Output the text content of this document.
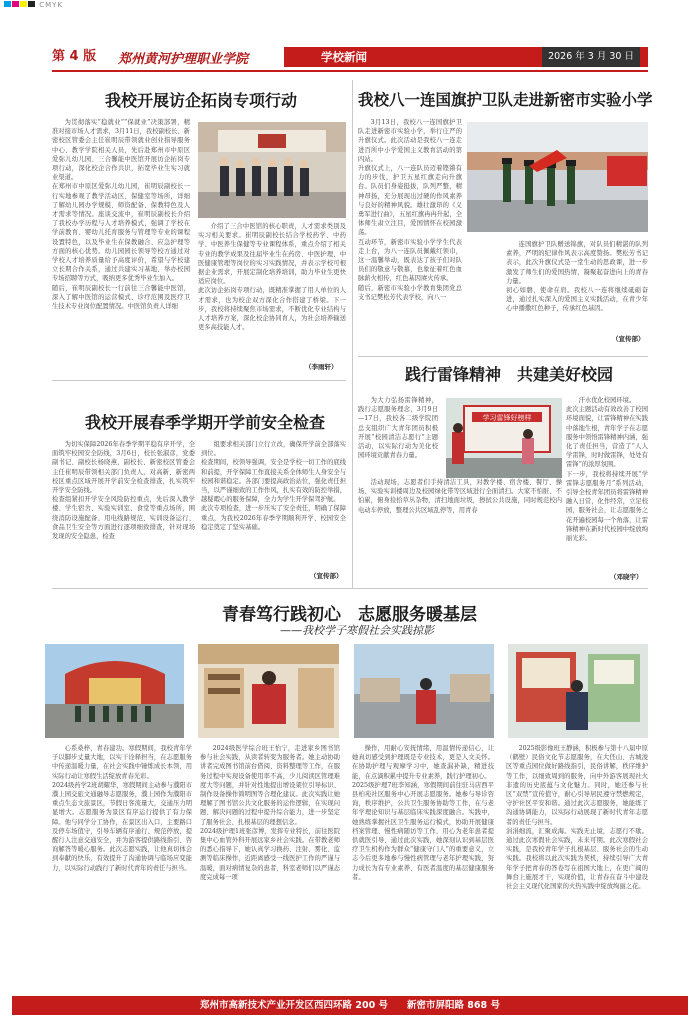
CMYK
第 4 版	学校新闻	2026 年 3 月 30 日
郑州黄河护理职业学院
我校开展访企拓岗专项行动

为贯彻落实“稳就业”“保就业”决策部署，精准对接市场人才需求，3月11日，我校副校长、新密校区管委会主任崔明辰带领就业创业指导服务中心、教学学院相关人员，先后赴郑州市中原区爱弥儿幼儿园、三合馨能中医馆开展访企拓岗专项行动，深化校企合作共识，拓宽毕业生实习就业渠道。
在郑州市中原区爱弥儿幼儿园，崔明辰副校长一行实地参观了教学活动区、保健室等场所，详细了解幼儿园办学规模、师资配备、保教特色及人才需求等情况。座谈交流中，崔明辰副校长介绍了我校办学历程与人才培养模式，强调了学校在学前教育、婴幼儿托育服务与管理等专业的课程设置特色，以及毕业生在保教融合、应急护理等方面的核心优势。幼儿园园长领导等校方通过对学校人才培养质量给予高度评价，希望与学校建立长期合作关系，通过共建实习基地、举办校园专场招聘等方式，吸纳更多优秀毕业生加入。
随后，崔明辰副校长一行前往三合馨能中医馆，深入了解中医馆的运营模式、诊疗范围及医疗卫生技术专业岗位配置情况。中医馆负责人详细

介绍了三合中医馆的核心职责，人才需求类别及实习相关要求。崔明辰副校长结合学校药学、中药学、中医养生保健等专业课程体系，重点介绍了相关专业的教学成果及往届毕业生在药房、中医护理、中医健康管理等岗位的实习实践情况，并表示学校可根据企业需求，开展定制化培养培训，助力毕业生更快适应岗位。
此次访企拓岗专项行动，既精准掌握了用人单位的人才需求，也为校企双方深化合作搭建了桥梁。下一步，我校将持续聚焦市场需求，不断优化专业结构与人才培养方案，深化校企协同育人，为社会培养输送更多高技能人才。

（李雨轩）
我校开展春季学期开学前安全检查

为切实保障2026年春季学期平稳有序开学，全面筑牢校园安全防线，3月6日，校长张淑彦，党委副书记、副校长杨晓燕，副校长、新密校区管委会主任崔明辰带领相关部门负责人，对高新、新密两校区重点区域开展开学前安全检查排查，扎实筑牢开学安全防线。
检查组紧扣开学安全风险防控重点，先后深入教学楼、学生宿舍、实验实训室、食堂等重点场所，围绕消防设施配备、用电线路规范、实训设备运行、食品卫生安全等方面进行逐项细致排查，针对现场发现的安全隐患，检查

组要求相关部门立行立改，确保开学前全部落实到位。
检查期间，校领导强调，安全是学校一切工作的底线和前提，开学保障工作直接关系全体师生人身安全与校园和谐稳定。各部门要提高政治站位，强化责任担当，以严谨细致的工作作风，扎实有效的防控举措，越疑暇心的服务保障，全力为学生开学保驾护航。
此次专项检查，进一步压实了安全责任，明确了保障重点，为我校2026年春季学期顺利开学、校园安全稳定奠定了坚实基础。

（宣传部）
我校八一连国旗护卫队走进新密市实验小学

3月13日，我校八一连国旗护卫队走进新密市实验小学，举行庄严的升旗仪式。此次活动是我校八一连走进百所中小学爱国主义教育活动的第四站。
升旗仪式上，八一连队员迈着铿锵有力的步伐，护卫五星红旗走向升旗台。队员们身姿挺拔，队列严整，精神昂扬，充分展现出过硬的作风素养与良好的精神风貌。雄壮激昂的《义勇军进行曲》，五星红旗冉冉升起，全体师生肃立注目，爱国情怀在校园激荡。
互动环节，新密市实验小学学生代表走上台，为八一连队员佩戴红领巾，这一温馨举动，既表达了孩子们对队员们的敬意与敬慕，也象征着红色血脉薪火相传，红色基因赓火传承。
随后，新密市实验小学教育集团党总支书记樊松芳代表学校，向八一

连国旗护卫队赠送锦旗，对队员们精湛的队列素养，严明的纪律作风表示高度赞扬。樊松芳书记表示，此次升旗仪式是一堂生动的思政课，进一步激发了师生们的爱国热情，凝聚起奋进向上的青春力量。
初心如磐，使命在肩。我校八一连将继续砥砺奋进，通过扎实深入的爱国主义实践活动，在青少年心中播撒红色种子，传承红色基因。

（宣传部）
践行雷锋精神　共建美好校园

为大力弘扬雷锋精神，践行志愿服务理念，3月9日—17日，我校各二级学院团总支组织广大青年团员积极开展“校园清洁志愿行”主题活动，以实际行动为美化校园环境贡献青春力量。

学习雷锋好榜样

活动现场，志愿者们手持清洁工具，对教学楼、宿舍楼、餐厅、操场、实验实训楼周边及校园绿化带等区域进行全面清扫。大家不怕脏、不怕累，俯身捡拾草丛杂物，清扫地面垃圾，擦拭公共设施，同时规范校内电动车停放，整理公共区域乱停等，用青春

汗水优化校园环境。
此次主题活动有效改善了校园环境面貌，让雷锋精神在实践中落地生根，青年学子在志愿服务中领悟雷锋精神内涵，强化了责任担当，营造了“人人学雷锋，时时做雷锋，处处有雷锋”的浓厚氛围。
下一步，我校将持续开展“学雷锋志愿服务月”系列活动，引导全校青年团员将雷锋精神融入日常，化作经常，立足校园，服务社会，让志愿服务之花开遍校园每一个角落，让雷锋精神在新时代校园中绽放绚丽光彩。

（邓晓宇）
青春笃行践初心　志愿服务暖基层
——我校学子寒假社会实践掠影

心系桑梓，青春建功。寒假期间，我校青年学子以脚步丈量大地，以实干诠释担当，在志愿服务中传递温暖力量，在社会实践中锤炼成长本领，用实际行动让寒假生活绽放青春光彩。
2024级药学2班胡耀华，寒假期间主动参与濮阳市濮上园交旅文通融导志愿服务，濮上园作为濮阳市重点生态文旅景区，节假日客流量大，交通压力明显增大。志愿服务为景区有序运行提供了有力保障。他与同学分工协作，在景区出入口，主要路口及停车场值守，引导车辆有序通行、规范停放，提醒行人注意交通安全，并为游客提供路线指引、咨询解答等暖心服务。此次志愿实践，让他真切体会到奉献的快乐，有效提升了沟通协调与临场应变能力，以实际行动践行了新时代青年的责任与担当。

2024级医学综合班王怡宁，走进家乡图书馆参与社会实践，从读者转变为服务者。她主动协助讲者完成图书馆前台借阅、资料整理等工作，在服务过程中实现设备使用率不高，少儿阅读区管理难度大等问题，并针对性地提出增设架位引导标识、制作设备操作简明图等合理化建议。此次实践让她理解了图书馆公共文化服务的运作逻辑，在实现问题、解决问题的过程中提升综合能力，进一步坚定了服务社会、扎根基层的理想信念。
2024级护理1班张彦博，发挥专业特长，前往医院集中心血管外科开展远家乡社会实践。在带教老师的悉心指导下，她认真学习换药、注射、雾化、监测等临床操作，近距离感受一线医护工作的严谨与温暖，面对病情复杂的患者，科室老师们以严谨态度完成每一项

操作，用耐心安抚情绪，用温情传递信心，让她真切感受到护理既是专业技术，更是人文关怀。在协助护理与观摩学习中，她查漏补缺，精进技能，在点滴积累中提升专业素养，践行护理初心。
2025级护理7班李知涵，寒假期间前往驻马店西平县柏苑社区服务中心开展志愿服务。她参与导诊咨询，秩序维护，公共卫生服务协助等工作，在与老年学理论知识与基层临床实践深度融合。实践中，她熟练掌握社区卫生服务运行模式，协助开展健康档案管理、慢性病随访等工作，用心为老年患者提供就医引导、通过此次实践，她深刻认识到基层医疗卫生机构作为群众“健康守门人”的重要意义，立志今后更多地参与慢性病管理与老年护理实践，努力成长为有专业素养、有医者温度的基层健康服务者。

2025级影像班王静涵，积极参与第十八届中原（鹤壁）民俗文化节志愿服务，在大伾山、古城浚区等重点园位做好路线指引，民俗讲解，秩序维护等工作，以细致周到的服务，向中外游客展现社火非遗的历史底蕴与文化魅力。同时，她还参与社区“双禁”宣传值守，耐心引导居民遵守禁燃规定，守护社区平安和谐。通过此次志愿服务，她能练了沟通协调能力，以实际行动展现了新时代青年志愿者的责任与担当。
涓涓细流，汇聚成海。实践无止境，志愿行不歇。通过此次寒假社会实践，未来可期。此次寒假社会实践，是我校青年学子扎根基层、服务社会的生动实践。我校将以此次实践为契机，持续引导广大青年学子把青春的答卷写在祖国大地上，在更广阔的舞台上施展才干，实现价值，让青春在奋斗中建设社会主义现代化国家的火热实践中绽放绚丽之花。

郑州市高新技术产业开发区西四环路 200 号　　新密市屏阳路 868 号
